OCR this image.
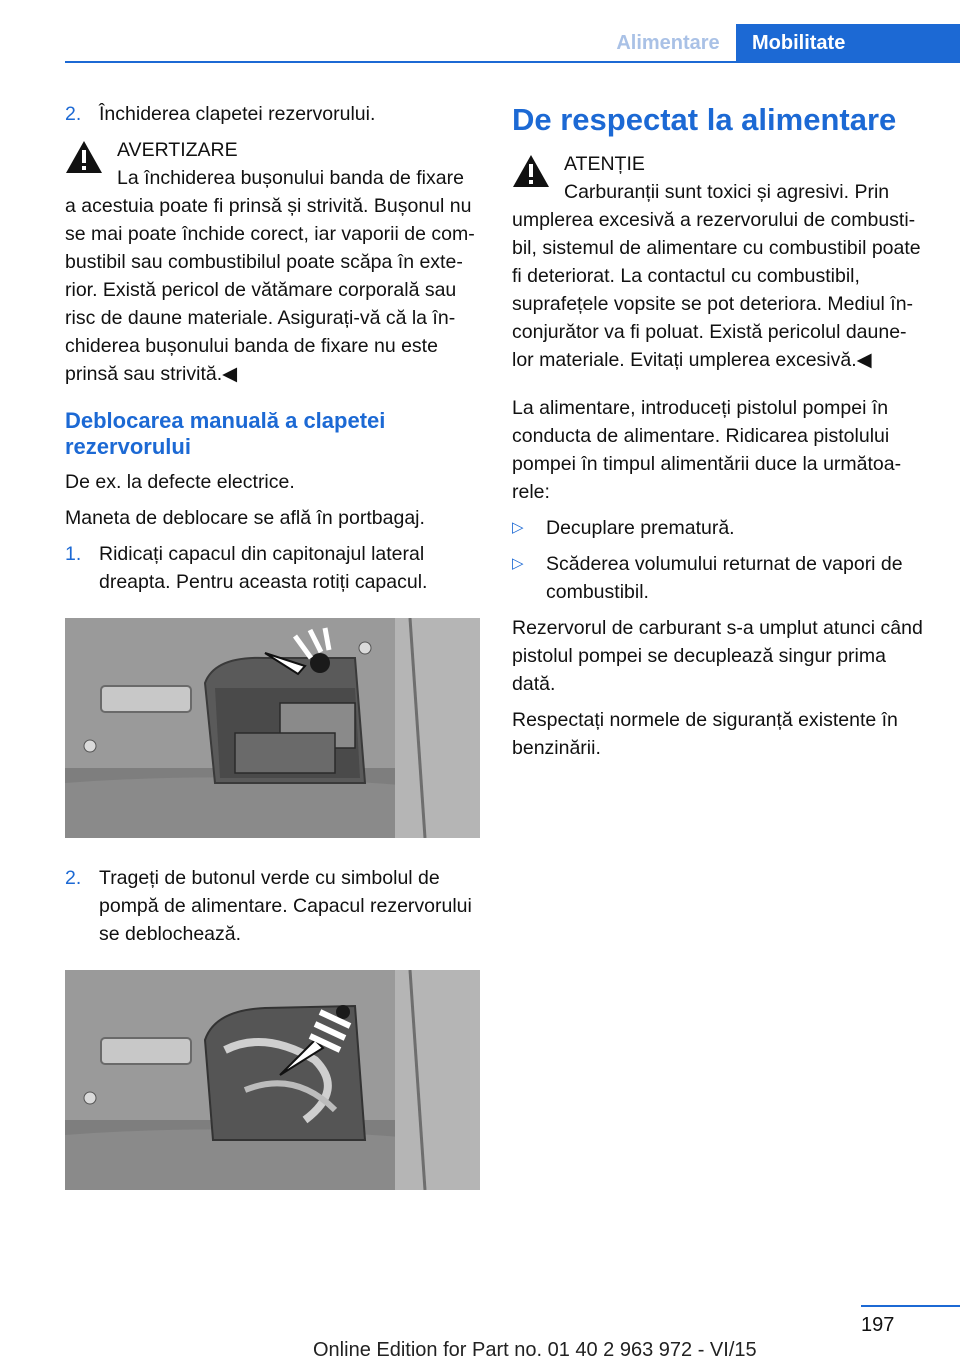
Alimentare	Mobilitate
2. Închiderea clapetei rezervorului.
AVERTIZARE
La închiderea bușonului banda de fixare a acestuia poate fi prinsă și strivită. Bușonul nu se mai poate închide corect, iar vaporii de com-bustibil sau combustibilul poate scăpa în exte-rior. Există pericol de vătămare corporală sau risc de daune materiale. Asigurați-vă că la în-chiderea bușonului banda de fixare nu este prinsă sau strivită.◀
Deblocarea manuală a clapetei rezervorului

De ex. la defecte electrice.

Maneta de deblocare se află în portbagaj.

1. Ridicați capacul din capitonajul lateral dreapta. Pentru aceasta rotiți capacul.
2. Trageți de butonul verde cu simbolul de pompă de alimentare. Capacul rezervorului se deblochează.
De respectat la alimentare
ATENȚIE
Carburanții sunt toxici și agresivi. Prin umplerea excesivă a rezervorului de combusti-bil, sistemul de alimentare cu combustibil poate fi deteriorat. La contactul cu combustibil, suprafețele vopsite se pot deteriora. Mediul în-conjurător va fi poluat. Există pericolul daune-lor materiale. Evitați umplerea excesivă.◀

La alimentare, introduceți pistolul pompei în conducta de alimentare. Ridicarea pistolului pompei în timpul alimentării duce la următoa-rele:

▷ Decuplare prematură.
▷ Scăderea volumului returnat de vapori de combustibil.

Rezervorul de carburant s-a umplut atunci când pistolul pompei se decuplează singur prima dată.

Respectați normele de siguranță existente în benzinării.

197
Online Edition for Part no. 01 40 2 963 972 - VI/15
